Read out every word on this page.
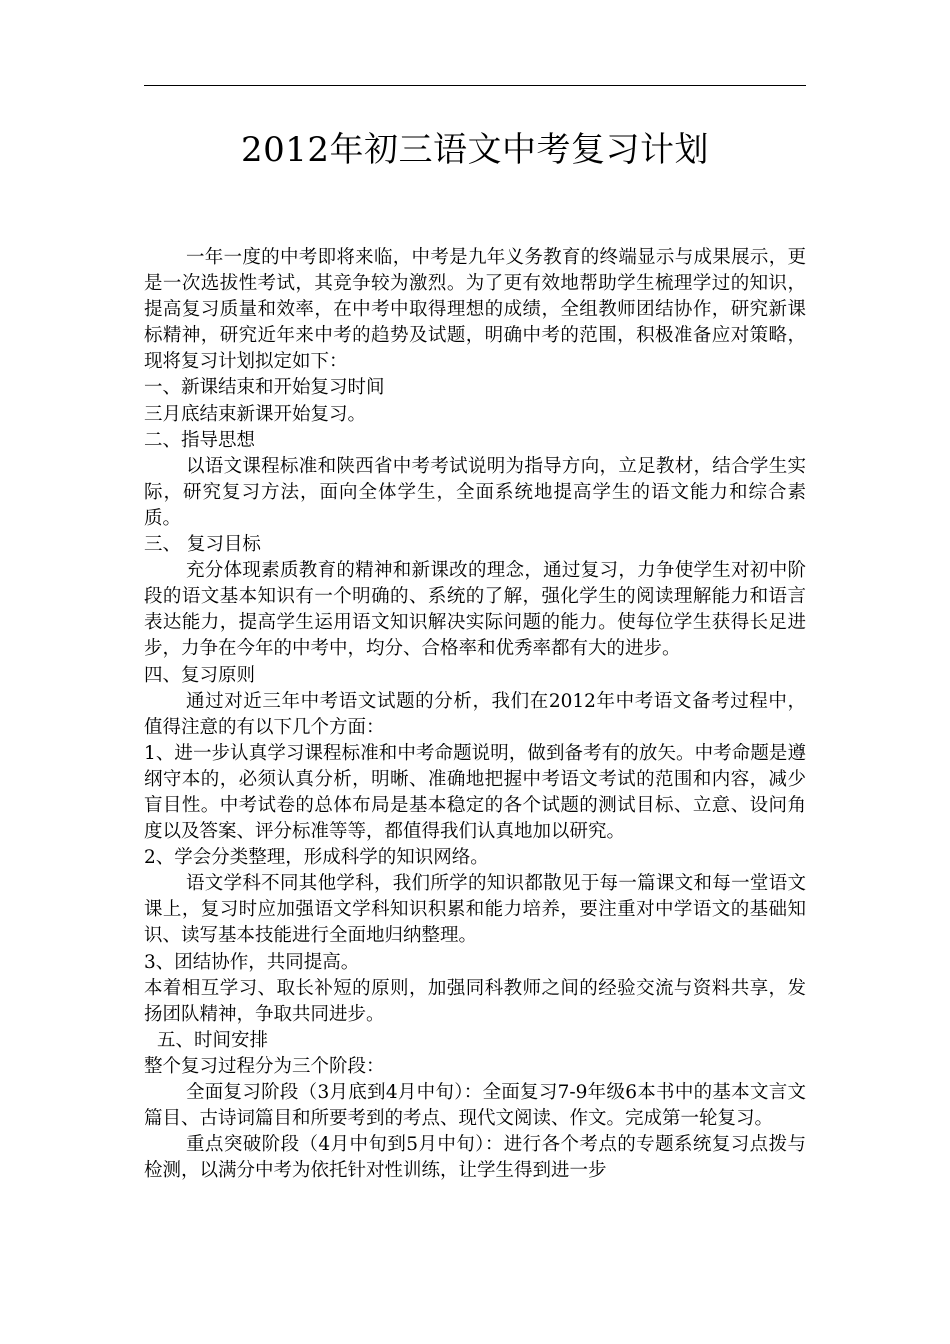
2012年初三语文中考复习计划

一年一度的中考即将来临，中考是九年义务教育的终端显示与成果展示，更是一次选拔性考试，其竞争较为激烈。为了更有效地帮助学生梳理学过的知识，提高复习质量和效率，在中考中取得理想的成绩，全组教师团结协作，研究新课标精神，研究近年来中考的趋势及试题，明确中考的范围，积极准备应对策略，现将复习计划拟定如下：

一、新课结束和开始复习时间

三月底结束新课开始复习。

二、指导思想

以语文课程标准和陕西省中考考试说明为指导方向，立足教材，结合学生实际，研究复习方法，面向全体学生，全面系统地提高学生的语文能力和综合素质。

三、 复习目标

充分体现素质教育的精神和新课改的理念，通过复习，力争使学生对初中阶段的语文基本知识有一个明确的、系统的了解，强化学生的阅读理解能力和语言表达能力，提高学生运用语文知识解决实际问题的能力。使每位学生获得长足进步，力争在今年的中考中，均分、合格率和优秀率都有大的进步。

四、复习原则

通过对近三年中考语文试题的分析，我们在2012年中考语文备考过程中，值得注意的有以下几个方面：

1、进一步认真学习课程标准和中考命题说明，做到备考有的放矢。中考命题是遵纲守本的，必须认真分析，明晰、准确地把握中考语文考试的范围和内容，减少盲目性。中考试卷的总体布局是基本稳定的各个试题的测试目标、立意、设问角度以及答案、评分标准等等，都值得我们认真地加以研究。

2、学会分类整理，形成科学的知识网络。

语文学科不同其他学科，我们所学的知识都散见于每一篇课文和每一堂语文课上，复习时应加强语文学科知识积累和能力培养，要注重对中学语文的基础知识、读写基本技能进行全面地归纳整理。

3、团结协作，共同提高。

本着相互学习、取长补短的原则，加强同科教师之间的经验交流与资料共享，发扬团队精神，争取共同进步。

五、时间安排

整个复习过程分为三个阶段：

全面复习阶段（3月底到4月中旬）：全面复习7-9年级6本书中的基本文言文篇目、古诗词篇目和所要考到的考点、现代文阅读、作文。完成第一轮复习。

重点突破阶段（4月中旬到5月中旬）：进行各个考点的专题系统复习点拨与检测，以满分中考为依托针对性训练，让学生得到进一步
